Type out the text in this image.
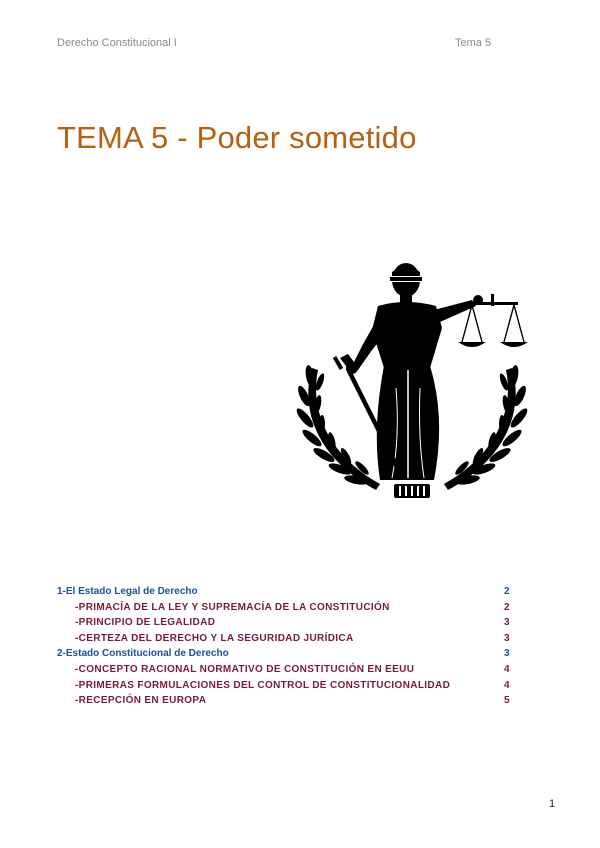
Derecho Constitucional I	Tema 5
TEMA 5 - Poder sometido
1-El Estado Legal de Derecho	2
-PRIMACÍA DE LA LEY Y SUPREMACÍA DE LA CONSTITUCIÓN	2
-PRINCIPIO DE LEGALIDAD	3
-CERTEZA DEL DERECHO Y LA SEGURIDAD JURÍDICA	3
2-Estado Constitucional de Derecho	3
-CONCEPTO RACIONAL NORMATIVO DE CONSTITUCIÓN EN EEUU	4
-PRIMERAS FORMULACIONES DEL CONTROL DE CONSTITUCIONALIDAD	4
-RECEPCIÓN EN EUROPA	5
1
